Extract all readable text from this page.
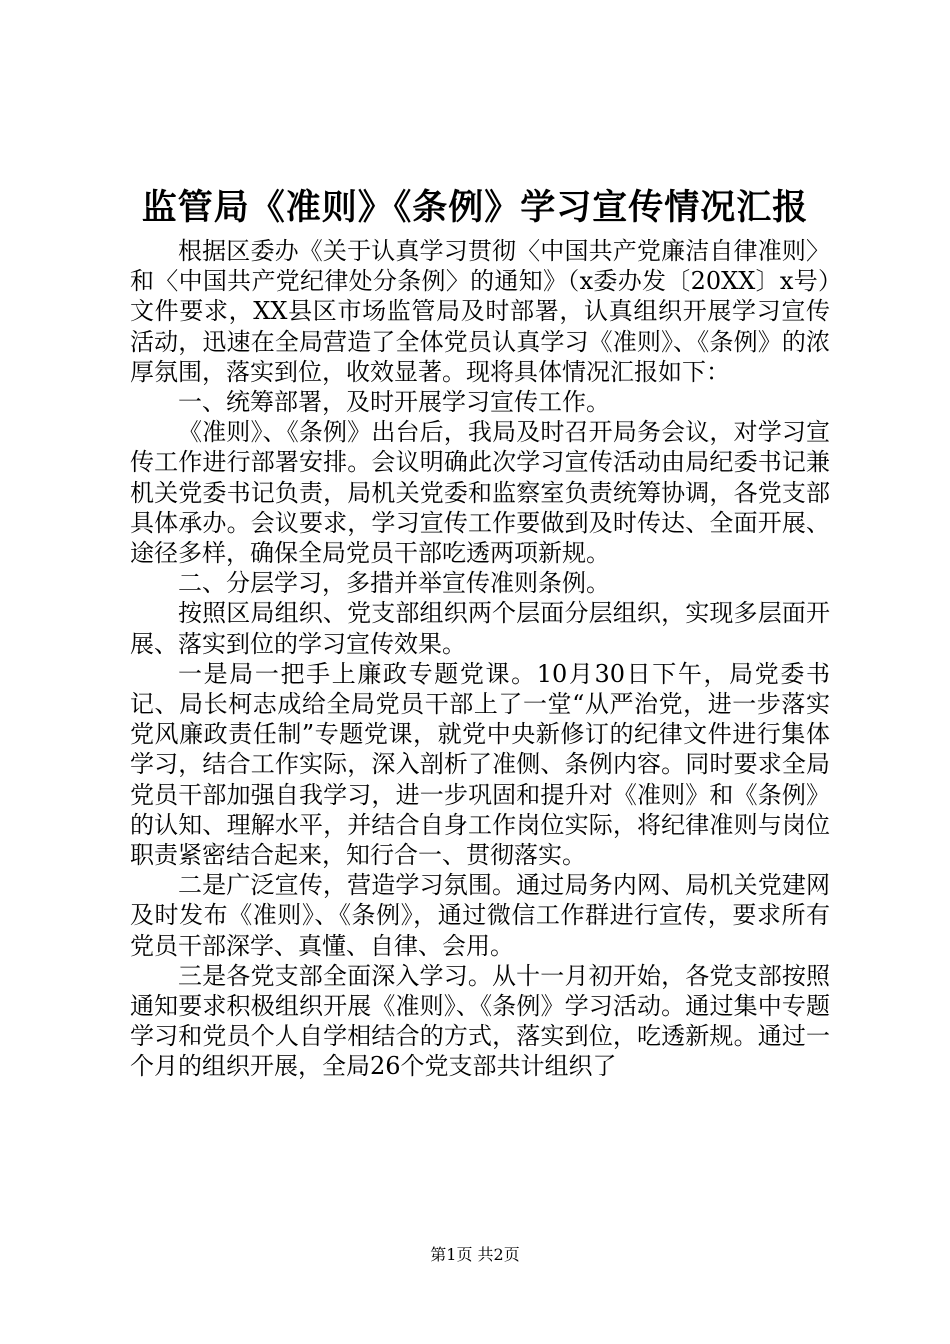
监管局《准则》《条例》学习宣传情况汇报

根据区委办《关于认真学习贯彻〈中国共产党廉洁自律准则〉和〈中国共产党纪律处分条例〉的通知》（x委办发〔20XX〕x号）文件要求，XX县区市场监管局及时部署，认真组织开展学习宣传活动，迅速在全局营造了全体党员认真学习《准则》、《条例》的浓厚氛围，落实到位，收效显著。现将具体情况汇报如下：

一、统筹部署，及时开展学习宣传工作。

《准则》、《条例》出台后，我局及时召开局务会议，对学习宣传工作进行部署安排。会议明确此次学习宣传活动由局纪委书记兼机关党委书记负责，局机关党委和监察室负责统筹协调，各党支部具体承办。会议要求，学习宣传工作要做到及时传达、全面开展、途径多样，确保全局党员干部吃透两项新规。

二、分层学习，多措并举宣传准则条例。

按照区局组织、党支部组织两个层面分层组织，实现多层面开展、落实到位的学习宣传效果。

一是局一把手上廉政专题党课。10月30日下午，局党委书记、局长柯志成给全局党员干部上了一堂“从严治党，进一步落实党风廉政责任制”专题党课，就党中央新修订的纪律文件进行集体学习，结合工作实际，深入剖析了准侧、条例内容。同时要求全局党员干部加强自我学习，进一步巩固和提升对《准则》和《条例》的认知、理解水平，并结合自身工作岗位实际，将纪律准则与岗位职责紧密结合起来，知行合一、贯彻落实。

二是广泛宣传，营造学习氛围。通过局务内网、局机关党建网及时发布《准则》、《条例》，通过微信工作群进行宣传，要求所有党员干部深学、真懂、自律、会用。

三是各党支部全面深入学习。从十一月初开始，各党支部按照通知要求积极组织开展《准则》、《条例》学习活动。通过集中专题学习和党员个人自学相结合的方式，落实到位，吃透新规。通过一个月的组织开展，全局26个党支部共计组织了

第1页 共2页
